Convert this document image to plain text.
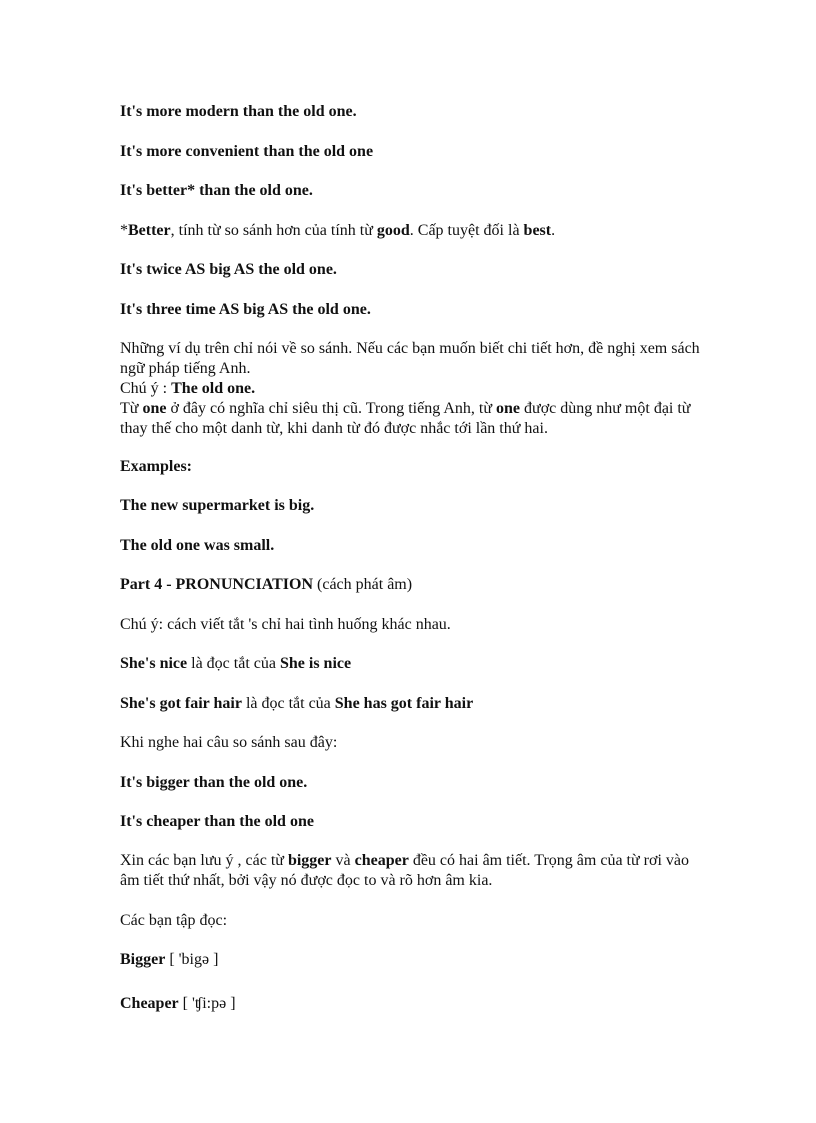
It's more modern than the old one.
It's more convenient than the old one
It's better* than the old one.
*Better, tính từ so sánh hơn của tính từ good. Cấp tuyệt đối là best.
It's twice AS big AS the old one.
It's three time AS big AS the old one.
Những ví dụ trên chỉ nói về so sánh. Nếu các bạn muốn biết chi tiết hơn, đề nghị xem sách ngữ pháp tiếng Anh.
Chú ý : The old one.
Từ one ở đây có nghĩa chỉ siêu thị cũ. Trong tiếng Anh, từ one được dùng như một đại từ thay thế cho một danh từ, khi danh từ đó được nhắc tới lần thứ hai.
Examples:
The new supermarket is big.
The old one was small.
Part 4 - PRONUNCIATION (cách phát âm)
Chú ý: cách viết tắt 's chỉ hai tình huống khác nhau.
She's nice là đọc tắt của She is nice
She's got fair hair là đọc tắt của She has got fair hair
Khi nghe hai câu so sánh sau đây:
It's bigger than the old one.
It's cheaper than the old one
Xin các bạn lưu ý , các từ bigger và cheaper đều có hai âm tiết. Trọng âm của từ rơi vào âm tiết thứ nhất, bởi vậy nó được đọc to và rõ hơn âm kia.
Các bạn tập đọc:
Bigger [ 'bigə ]
Cheaper [ 'ʧi:pə ]
